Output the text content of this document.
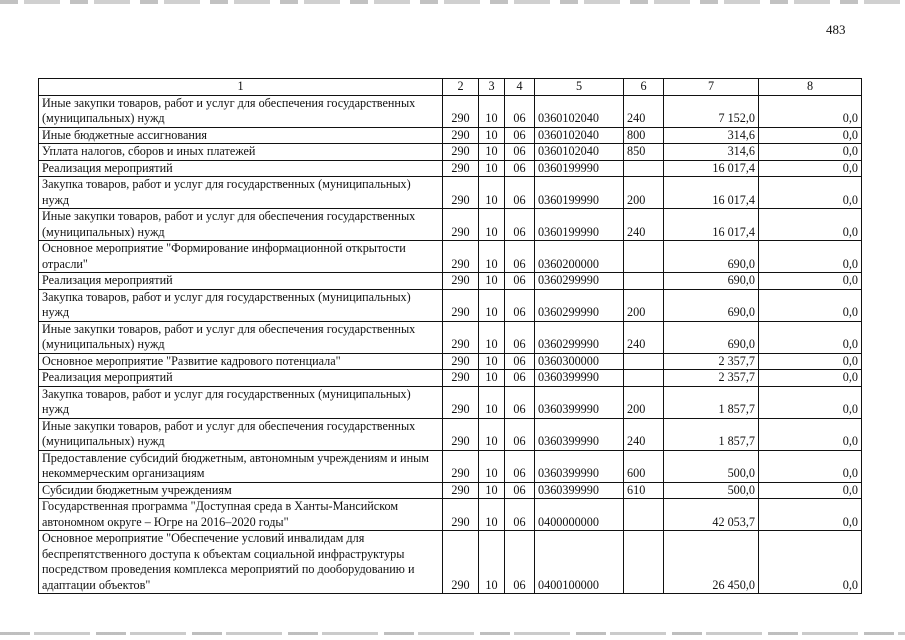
483
1	2	3	4	5	6	7	8
Иные закупки товаров, работ и услуг для обеспечения государственных (муниципальных) нужд	290	10	06	0360102040	240	7 152,0	0,0
Иные бюджетные ассигнования	290	10	06	0360102040	800	314,6	0,0
Уплата налогов, сборов и иных платежей	290	10	06	0360102040	850	314,6	0,0
Реализация мероприятий	290	10	06	0360199990		16 017,4	0,0
Закупка товаров, работ и услуг для государственных (муниципальных) нужд	290	10	06	0360199990	200	16 017,4	0,0
Иные закупки товаров, работ и услуг для обеспечения государственных (муниципальных) нужд	290	10	06	0360199990	240	16 017,4	0,0
Основное мероприятие "Формирование информационной открытости отрасли"	290	10	06	0360200000		690,0	0,0
Реализация мероприятий	290	10	06	0360299990		690,0	0,0
Закупка товаров, работ и услуг для государственных (муниципальных) нужд	290	10	06	0360299990	200	690,0	0,0
Иные закупки товаров, работ и услуг для обеспечения государственных (муниципальных) нужд	290	10	06	0360299990	240	690,0	0,0
Основное мероприятие "Развитие кадрового потенциала"	290	10	06	0360300000		2 357,7	0,0
Реализация мероприятий	290	10	06	0360399990		2 357,7	0,0
Закупка товаров, работ и услуг для государственных (муниципальных) нужд	290	10	06	0360399990	200	1 857,7	0,0
Иные закупки товаров, работ и услуг для обеспечения государственных (муниципальных) нужд	290	10	06	0360399990	240	1 857,7	0,0
Предоставление субсидий бюджетным, автономным учреждениям и иным некоммерческим организациям	290	10	06	0360399990	600	500,0	0,0
Субсидии бюджетным учреждениям	290	10	06	0360399990	610	500,0	0,0
Государственная программа "Доступная среда в Ханты-Мансийском автономном округе – Югре на 2016–2020 годы"	290	10	06	0400000000		42 053,7	0,0
Основное мероприятие "Обеспечение условий инвалидам для беспрепятственного доступа к объектам социальной инфраструктуры посредством проведения комплекса мероприятий по дооборудованию и адаптации объектов"	290	10	06	0400100000		26 450,0	0,0
